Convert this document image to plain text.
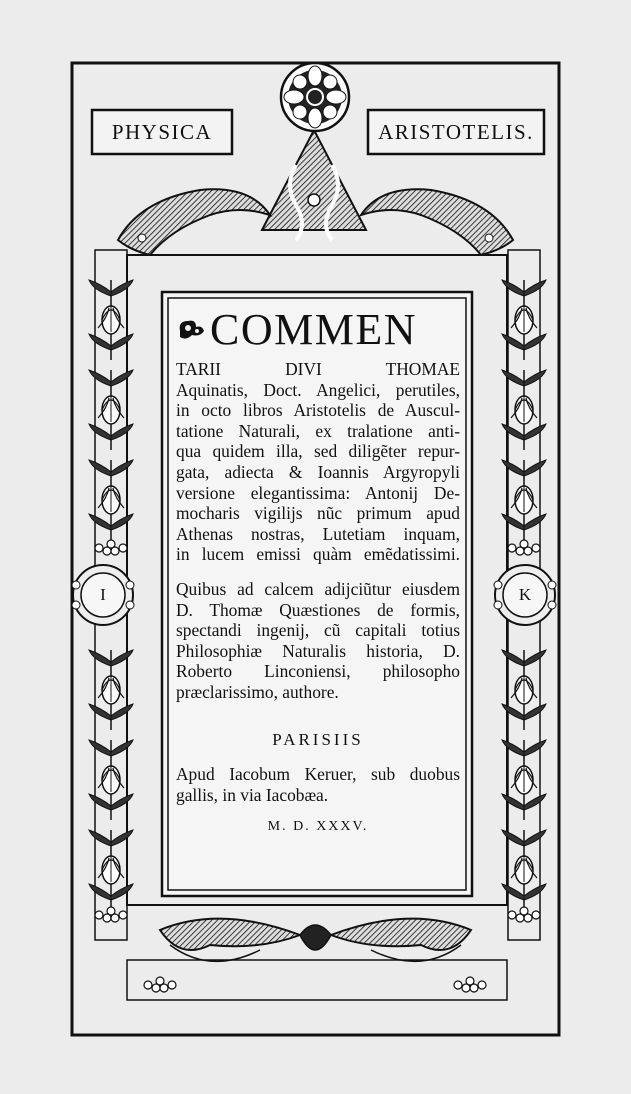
PHYSICA	ARISTOTELIS.
I	K
COMMEN
TARII DIVI THOMAE
Aquinatis, Doct. Angelici, perutiles,
in octo libros Aristotelis de Auscul-
tatione Naturali, ex tralatione anti-
qua quidem illa, sed diligẽter repur-
gata, adiecta & Ioannis Argyropyli
versione elegantissima: Antonij De-
mocharis vigilijs nũc primum apud
Athenas nostras, Lutetiam inquam,
in lucem emissi quàm emẽdatissimi.
Quibus ad calcem adijciũtur eiusdem
D. Thomæ Quæstiones de formis,
spectandi ingenij, cũ capitali totius
Philosophiæ Naturalis historia, D.
Roberto Linconiensi, philosopho
præclarissimo, authore.
PARISIIS
Apud Iacobum Keruer, sub duobus
gallis, in via Iacobæa.
M. D. XXXV.
